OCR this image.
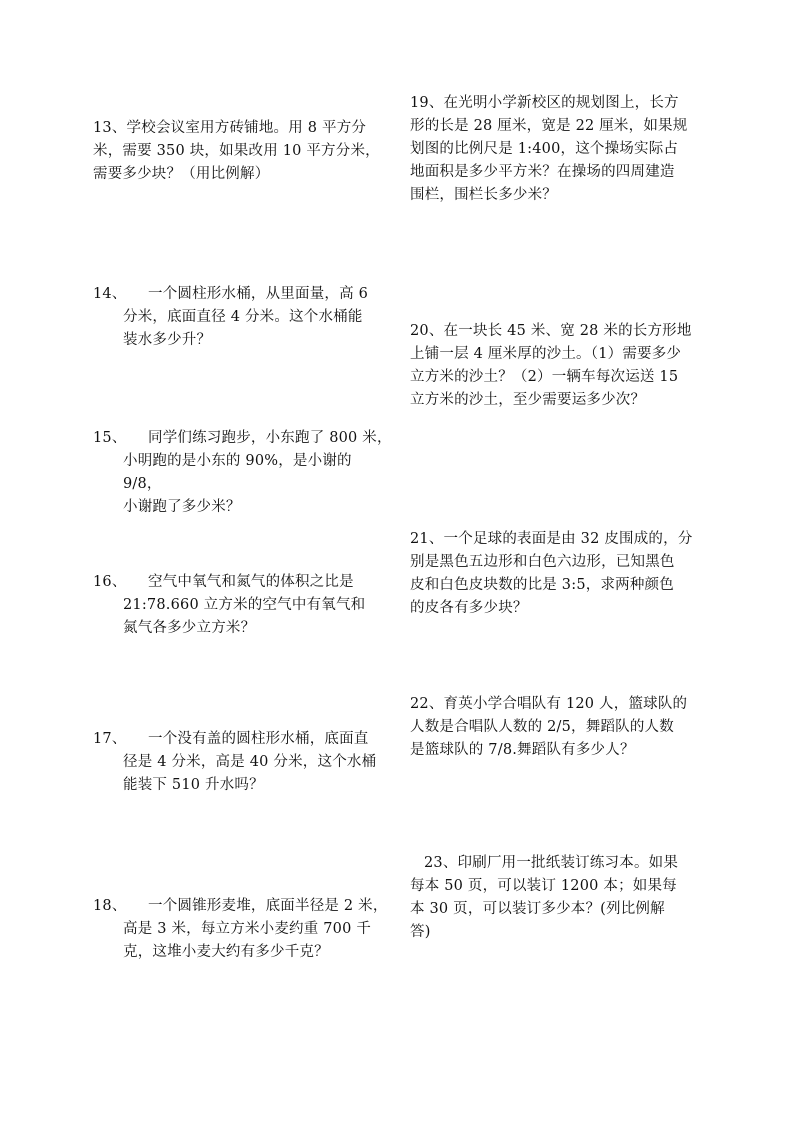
13、学校会议室用方砖铺地。用 8 平方分

米，需要 350 块，如果改用 10 平方分米，

需要多少块？（用比例解）

14、	一个圆柱形水桶，从里面量，高 6

分米，底面直径 4 分米。这个水桶能

装水多少升？

15、	同学们练习跑步，小东跑了 800 米，

小明跑的是小东的 90%，是小谢的 9/8，

小谢跑了多少米？

16、	空气中氧气和氮气的体积之比是

21:78.660 立方米的空气中有氧气和

氮气各多少立方米？

17、	一个没有盖的圆柱形水桶，底面直

径是 4 分米，高是 40 分米，这个水桶

能装下 510 升水吗？

18、	一个圆锥形麦堆，底面半径是 2 米，

高是 3 米，每立方米小麦约重 700 千

克，这堆小麦大约有多少千克？

19、在光明小学新校区的规划图上，长方

形的长是 28 厘米，宽是 22 厘米，如果规

划图的比例尺是 1:400，这个操场实际占

地面积是多少平方米？在操场的四周建造

围栏，围栏长多少米？

20、在一块长 45 米、宽 28 米的长方形地

上铺一层 4 厘米厚的沙土。（1）需要多少

立方米的沙土？（2）一辆车每次运送 15

立方米的沙土，至少需要运多少次？

21、一个足球的表面是由 32 皮围成的，分

别是黑色五边形和白色六边形，已知黑色

皮和白色皮块数的比是 3:5，求两种颜色

的皮各有多少块？

22、育英小学合唱队有 120 人，篮球队的

人数是合唱队人数的 2/5，舞蹈队的人数

是篮球队的 7/8.舞蹈队有多少人？

23、印刷厂用一批纸装订练习本。如果

每本 50 页，可以装订 1200 本；如果每

本 30 页，可以装订多少本？(列比例解

答)
